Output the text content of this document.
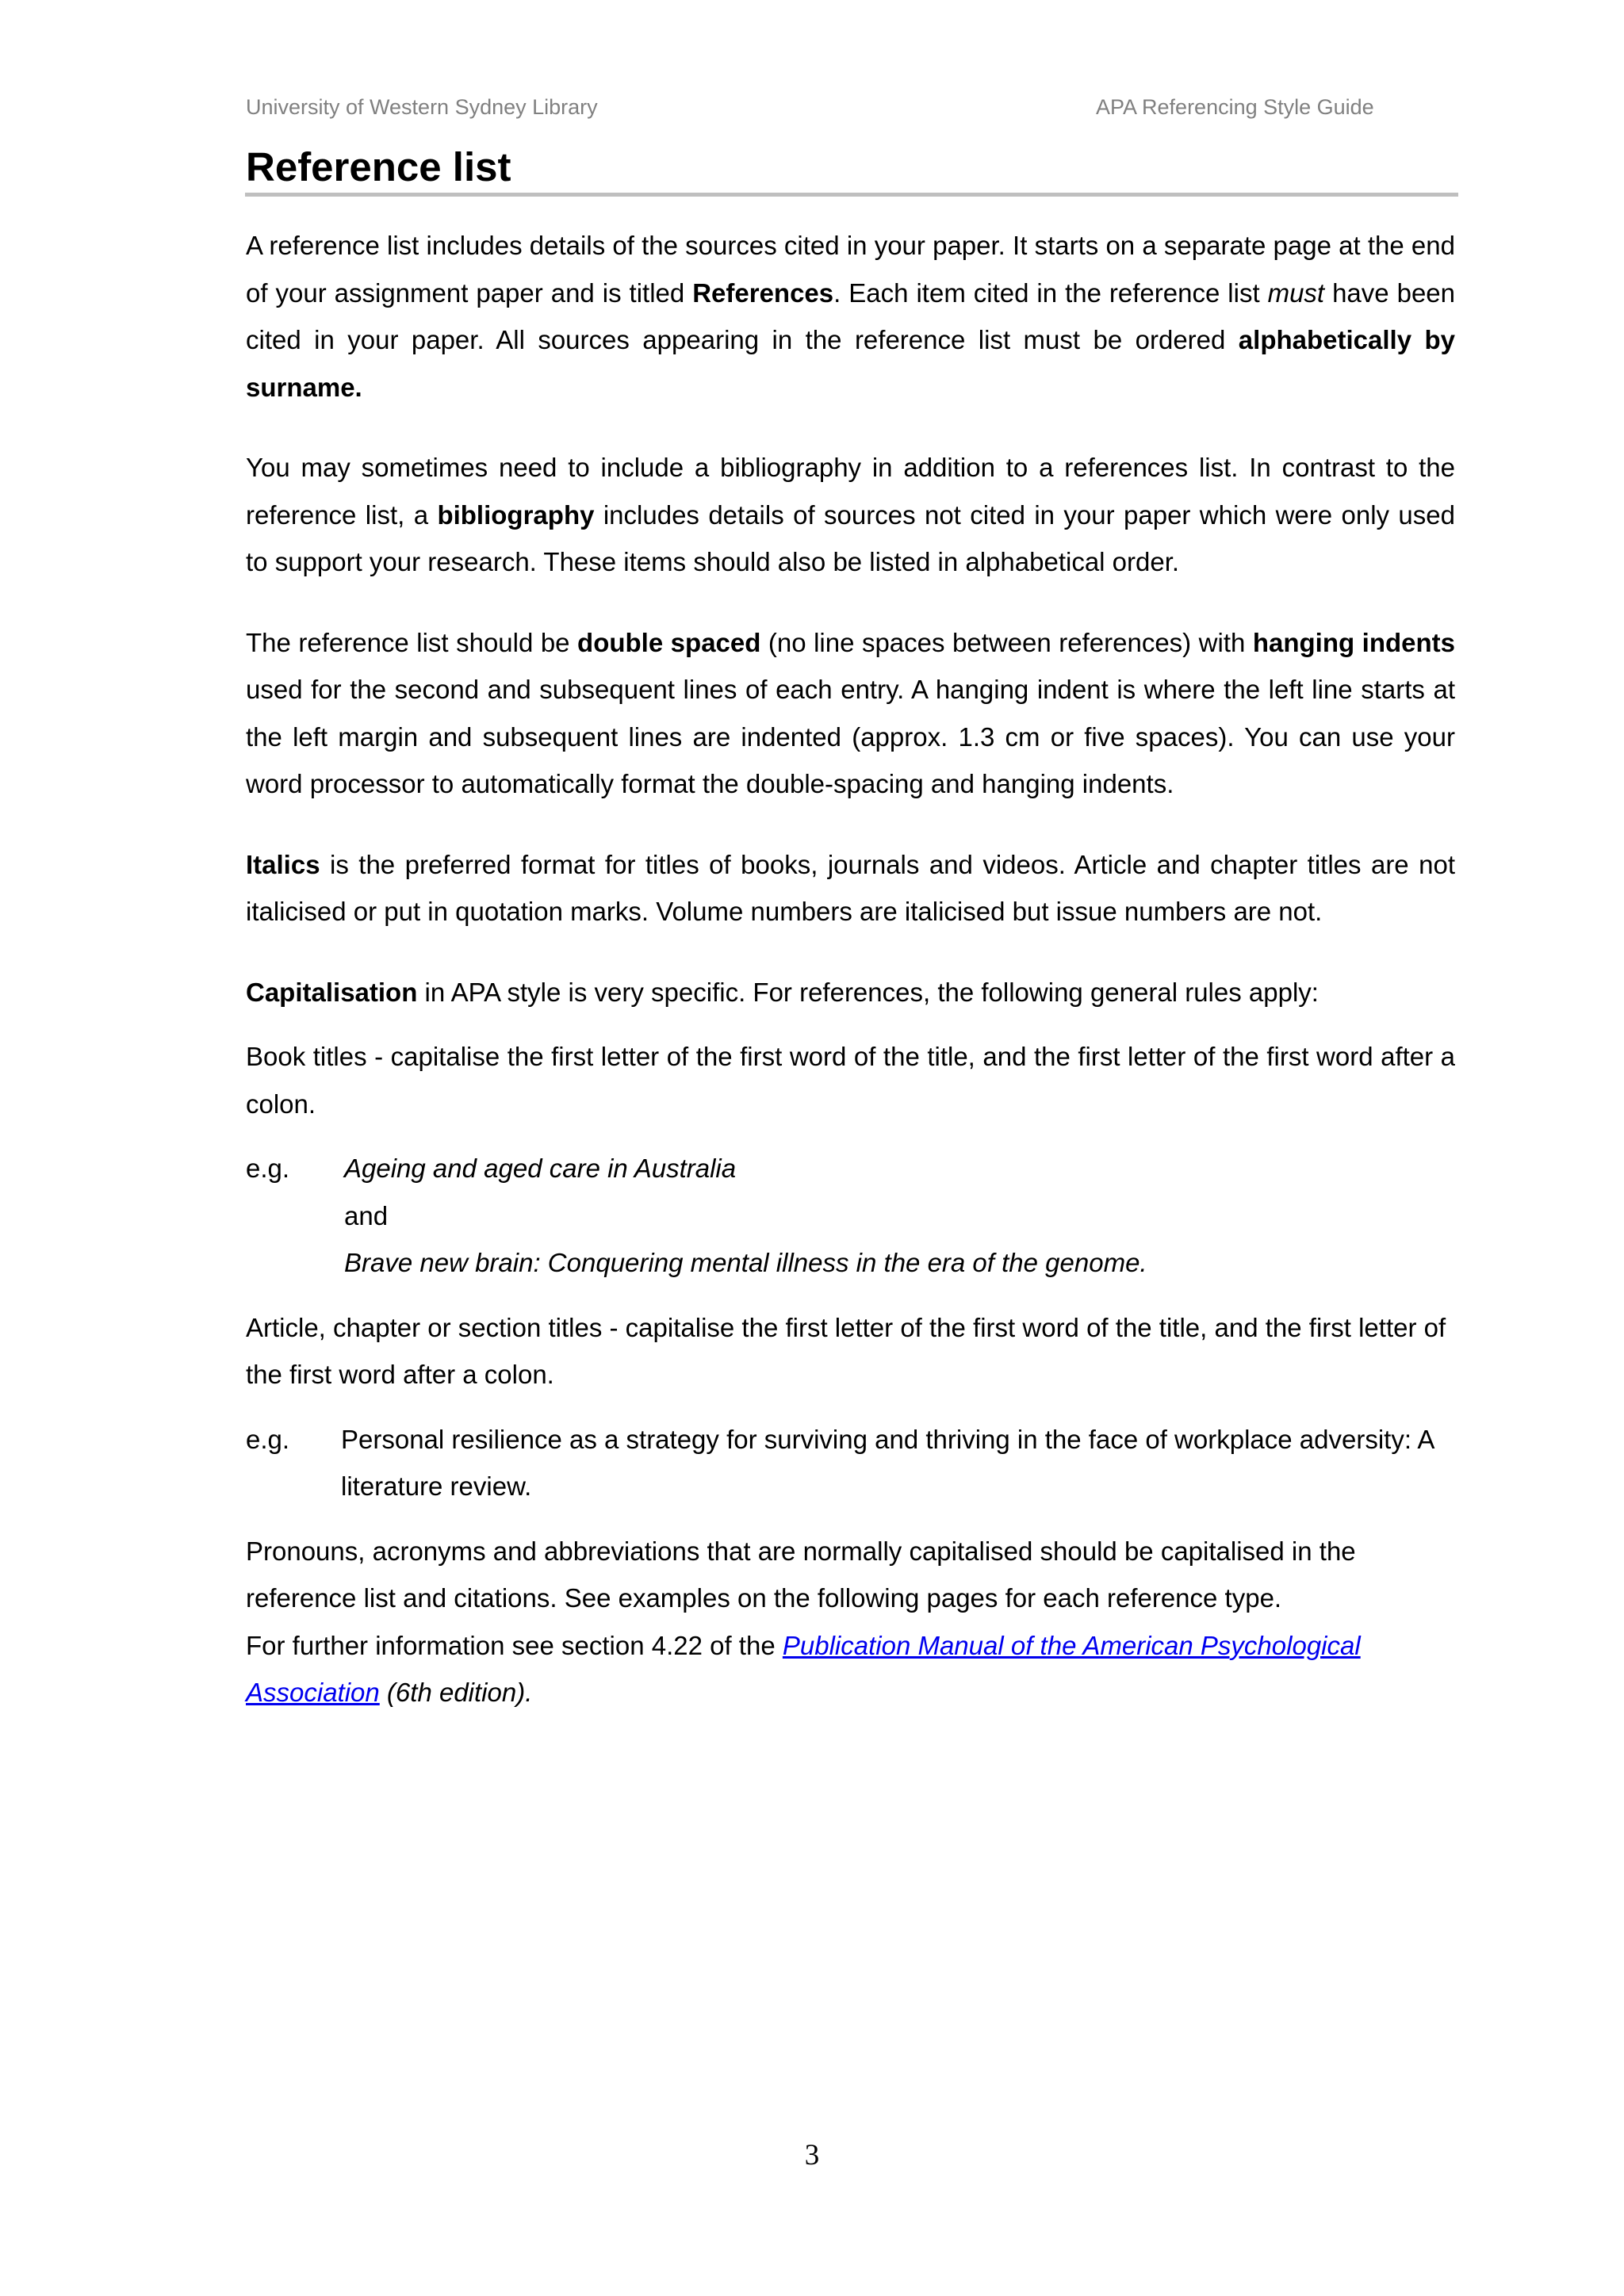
University of Western Sydney Library	APA Referencing Style Guide
Reference list

A reference list includes details of the sources cited in your paper. It starts on a separate page at the end of your assignment paper and is titled References. Each item cited in the reference list must have been cited in your paper. All sources appearing in the reference list must be ordered alphabetically by surname.

You may sometimes need to include a bibliography in addition to a references list. In contrast to the reference list, a bibliography includes details of sources not cited in your paper which were only used to support your research. These items should also be listed in alphabetical order.

The reference list should be double spaced (no line spaces between references) with hanging indents used for the second and subsequent lines of each entry. A hanging indent is where the left line starts at the left margin and subsequent lines are indented (approx. 1.3 cm or five spaces). You can use your word processor to automatically format the double-spacing and hanging indents.

Italics is the preferred format for titles of books, journals and videos. Article and chapter titles are not italicised or put in quotation marks. Volume numbers are italicised but issue numbers are not.

Capitalisation in APA style is very specific. For references, the following general rules apply:

Book titles - capitalise the first letter of the first word of the title, and the first letter of the first word after a colon.

e.g.	Ageing and aged care in Australia
and
Brave new brain: Conquering mental illness in the era of the genome.

Article, chapter or section titles - capitalise the first letter of the first word of the title, and the first letter of the first word after a colon.

e.g.	Personal resilience as a strategy for surviving and thriving in the face of workplace adversity: A literature review.

Pronouns, acronyms and abbreviations that are normally capitalised should be capitalised in the reference list and citations. See examples on the following pages for each reference type.

For further information see section 4.22 of the Publication Manual of the American Psychological Association (6th edition).

3
